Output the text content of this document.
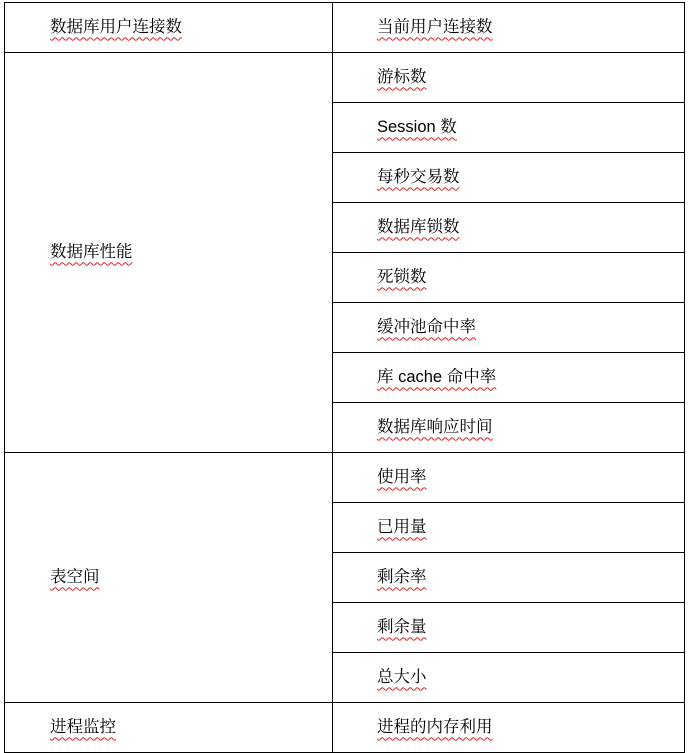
数据库用户连接数	当前用户连接数
数据库性能	游标数
	Session 数
	每秒交易数
	数据库锁数
	死锁数
	缓冲池命中率
	库 cache 命中率
	数据库响应时间
表空间	使用率
	已用量
	剩余率
	剩余量
	总大小
进程监控	进程的内存利用
